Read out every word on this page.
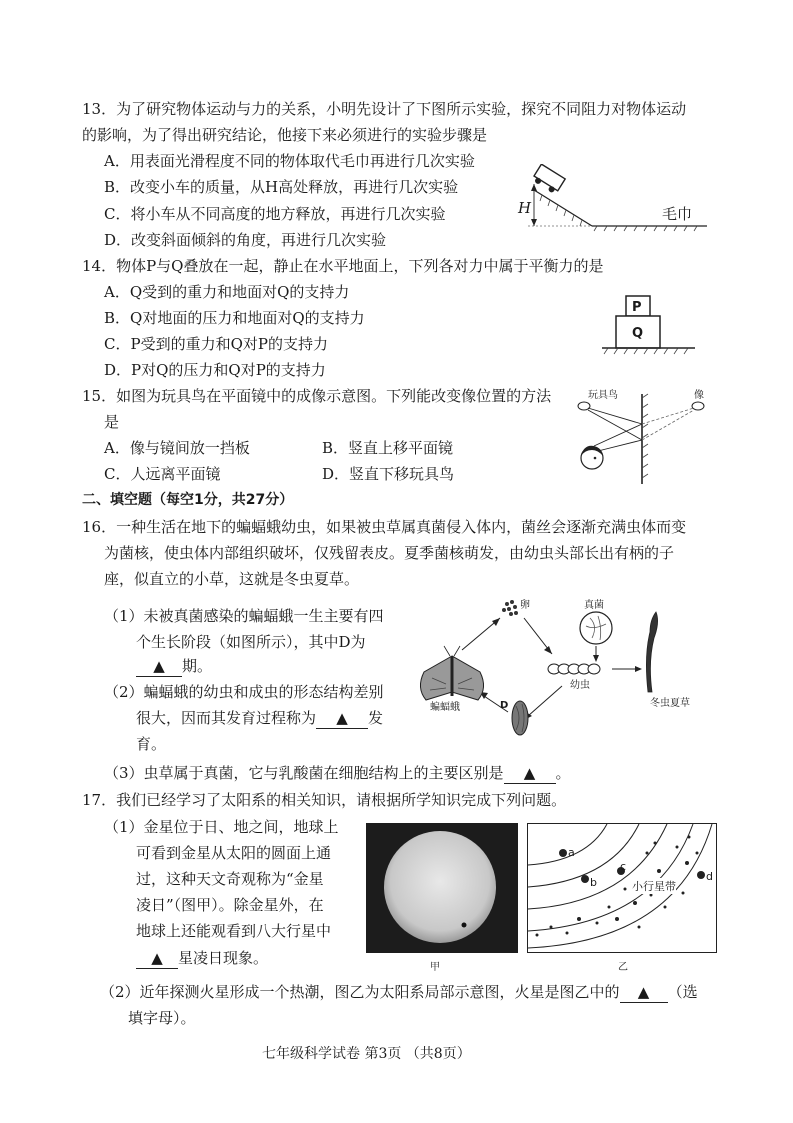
13．为了研究物体运动与力的关系，小明先设计了下图所示实验，探究不同阻力对物体运动
的影响，为了得出研究结论，他接下来必须进行的实验步骤是
A．用表面光滑程度不同的物体取代毛巾再进行几次实验
B．改变小车的质量，从H高处释放，再进行几次实验
C．将小车从不同高度的地方释放，再进行几次实验
D．改变斜面倾斜的角度，再进行几次实验
H	毛巾
14．物体P与Q叠放在一起，静止在水平地面上，下列各对力中属于平衡力的是
A．Q受到的重力和地面对Q的支持力
B．Q对地面的压力和地面对Q的支持力
C．P受到的重力和Q对P的支持力
D．P对Q的压力和Q对P的支持力
P
Q
15．如图为玩具鸟在平面镜中的成像示意图。下列能改变像位置的方法
是
A．像与镜间放一挡板	B．竖直上移平面镜
C．人远离平面镜	D．竖直下移玩具鸟
玩具鸟	像
二、填空题（每空1分，共27分）
16．一种生活在地下的蝙蝠蛾幼虫，如果被虫草属真菌侵入体内，菌丝会逐渐充满虫体而变
为菌核，使虫体内部组织破坏，仅残留表皮。夏季菌核萌发，由幼虫头部长出有柄的子
座，似直立的小草，这就是冬虫夏草。
（1）未被真菌感染的蝙蝠蛾一生主要有四
个生长阶段（如图所示），其中D为
▲ 期。
（2）蝙蝠蛾的幼虫和成虫的形态结构差别
很大，因而其发育过程称为 ▲ 发
育。
（3）虫草属于真菌，它与乳酸菌在细胞结构上的主要区别是 ▲ 。
卵	真菌
幼虫
冬虫夏草
蝙蝠蛾	D
17．我们已经学习了太阳系的相关知识，请根据所学知识完成下列问题。
（1）金星位于日、地之间，地球上
可看到金星从太阳的圆面上通
过，这种天文奇观称为“金星
凌日”（图甲）。除金星外，在
地球上还能观看到八大行星中
▲ 星凌日现象。
（2）近年探测火星形成一个热潮，图乙为太阳系局部示意图，火星是图乙中的 ▲ （选
填字母）。
甲
a
b
c
d
小行星带
乙
七年级科学试卷 第3页 （共8页）
